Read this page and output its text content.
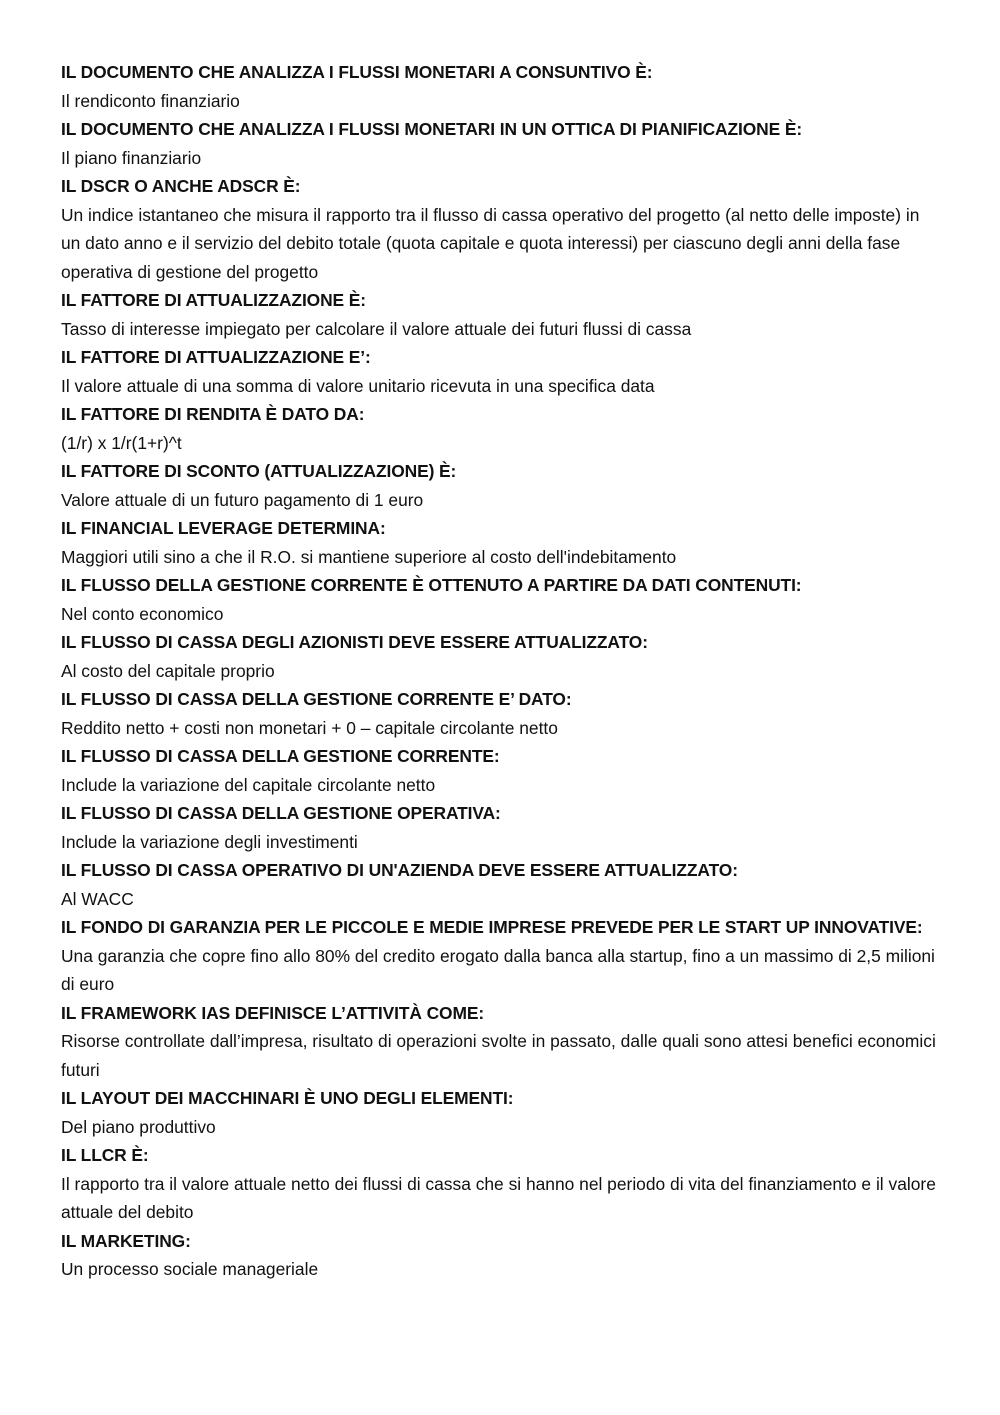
IL DOCUMENTO CHE ANALIZZA I FLUSSI MONETARI A CONSUNTIVO È:

Il rendiconto finanziario

IL DOCUMENTO CHE ANALIZZA I FLUSSI MONETARI IN UN OTTICA DI PIANIFICAZIONE È:

Il piano finanziario

IL DSCR O ANCHE ADSCR È:

Un indice istantaneo che misura il rapporto tra il flusso di cassa operativo del progetto (al netto delle imposte) in un dato anno e il servizio del debito totale (quota capitale e quota interessi) per ciascuno degli anni della fase operativa di gestione del progetto

IL FATTORE DI ATTUALIZZAZIONE È:

Tasso di interesse impiegato per calcolare il valore attuale dei futuri flussi di cassa

IL FATTORE DI ATTUALIZZAZIONE E’:

Il valore attuale di una somma di valore unitario ricevuta in una specifica data

IL FATTORE DI RENDITA È DATO DA:

(1/r) x 1/r(1+r)^t

IL FATTORE DI SCONTO (ATTUALIZZAZIONE) È:

Valore attuale di un futuro pagamento di 1 euro

IL FINANCIAL LEVERAGE DETERMINA:

Maggiori utili sino a che il R.O. si mantiene superiore al costo dell'indebitamento

IL FLUSSO DELLA GESTIONE CORRENTE È OTTENUTO A PARTIRE DA DATI CONTENUTI:

Nel conto economico

IL FLUSSO DI CASSA DEGLI AZIONISTI DEVE ESSERE ATTUALIZZATO:

Al costo del capitale proprio

IL FLUSSO DI CASSA DELLA GESTIONE CORRENTE E’ DATO:

Reddito netto + costi non monetari + 0 – capitale circolante netto

IL FLUSSO DI CASSA DELLA GESTIONE CORRENTE:

Include la variazione del capitale circolante netto

IL FLUSSO DI CASSA DELLA GESTIONE OPERATIVA:

Include la variazione degli investimenti

IL FLUSSO DI CASSA OPERATIVO DI UN'AZIENDA DEVE ESSERE ATTUALIZZATO:

Al WACC

IL FONDO DI GARANZIA PER LE PICCOLE E MEDIE IMPRESE PREVEDE PER LE START UP INNOVATIVE:

Una garanzia che copre fino allo 80% del credito erogato dalla banca alla startup, fino a un massimo di 2,5 milioni di euro

IL FRAMEWORK IAS DEFINISCE L’ATTIVITÀ COME:

Risorse controllate dall’impresa, risultato di operazioni svolte in passato, dalle quali sono attesi benefici economici futuri

IL LAYOUT DEI MACCHINARI È UNO DEGLI ELEMENTI:

Del piano produttivo

IL LLCR È:

Il rapporto tra il valore attuale netto dei flussi di cassa che si hanno nel periodo di vita del finanziamento e il valore attuale del debito

IL MARKETING:

Un processo sociale manageriale
